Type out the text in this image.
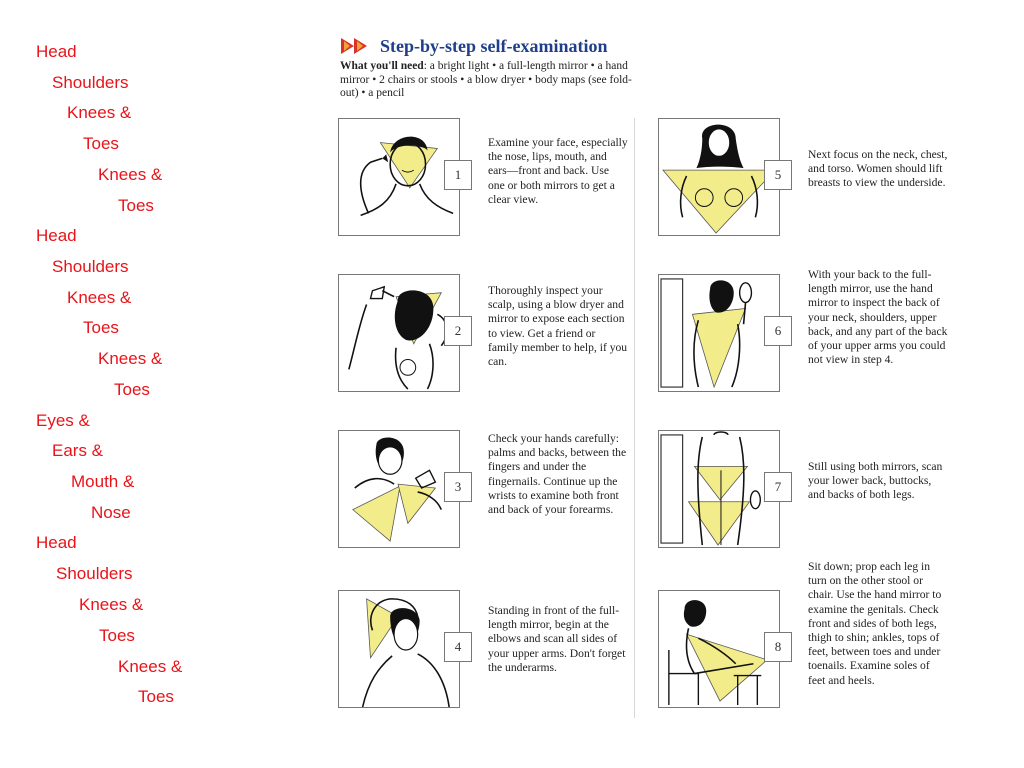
Head
Shoulders
Knees &
Toes
Knees &
Toes
Head
Shoulders
Knees &
Toes
Knees &
Toes
Eyes &
Ears &
Mouth &
Nose
Head
Shoulders
Knees &
Toes
Knees &
Toes
Step-by-step self-examination
What you'll need: a bright light • a full-length mirror • a hand mirror • 2 chairs or stools • a blow dryer • body maps (see fold-out) • a pencil
1
Examine your face, especially the nose, lips, mouth, and ears—front and back. Use one or both mirrors to get a clear view.
2
Thoroughly inspect your scalp, using a blow dryer and mirror to expose each section to view. Get a friend or family member to help, if you can.
3
Check your hands carefully: palms and backs, between the fingers and under the fingernails. Continue up the wrists to examine both front and back of your forearms.
4
Standing in front of the full-length mirror, begin at the elbows and scan all sides of your upper arms. Don't forget the underarms.
5
Next focus on the neck, chest, and torso. Women should lift breasts to view the underside.
6
With your back to the full-length mirror, use the hand mirror to inspect the back of your neck, shoulders, upper back, and any part of the back of your upper arms you could not view in step 4.
7
Still using both mirrors, scan your lower back, buttocks, and backs of both legs.
8
Sit down; prop each leg in turn on the other stool or chair. Use the hand mirror to examine the genitals. Check front and sides of both legs, thigh to shin; ankles, tops of feet, between toes and under toenails. Examine soles of feet and heels.
